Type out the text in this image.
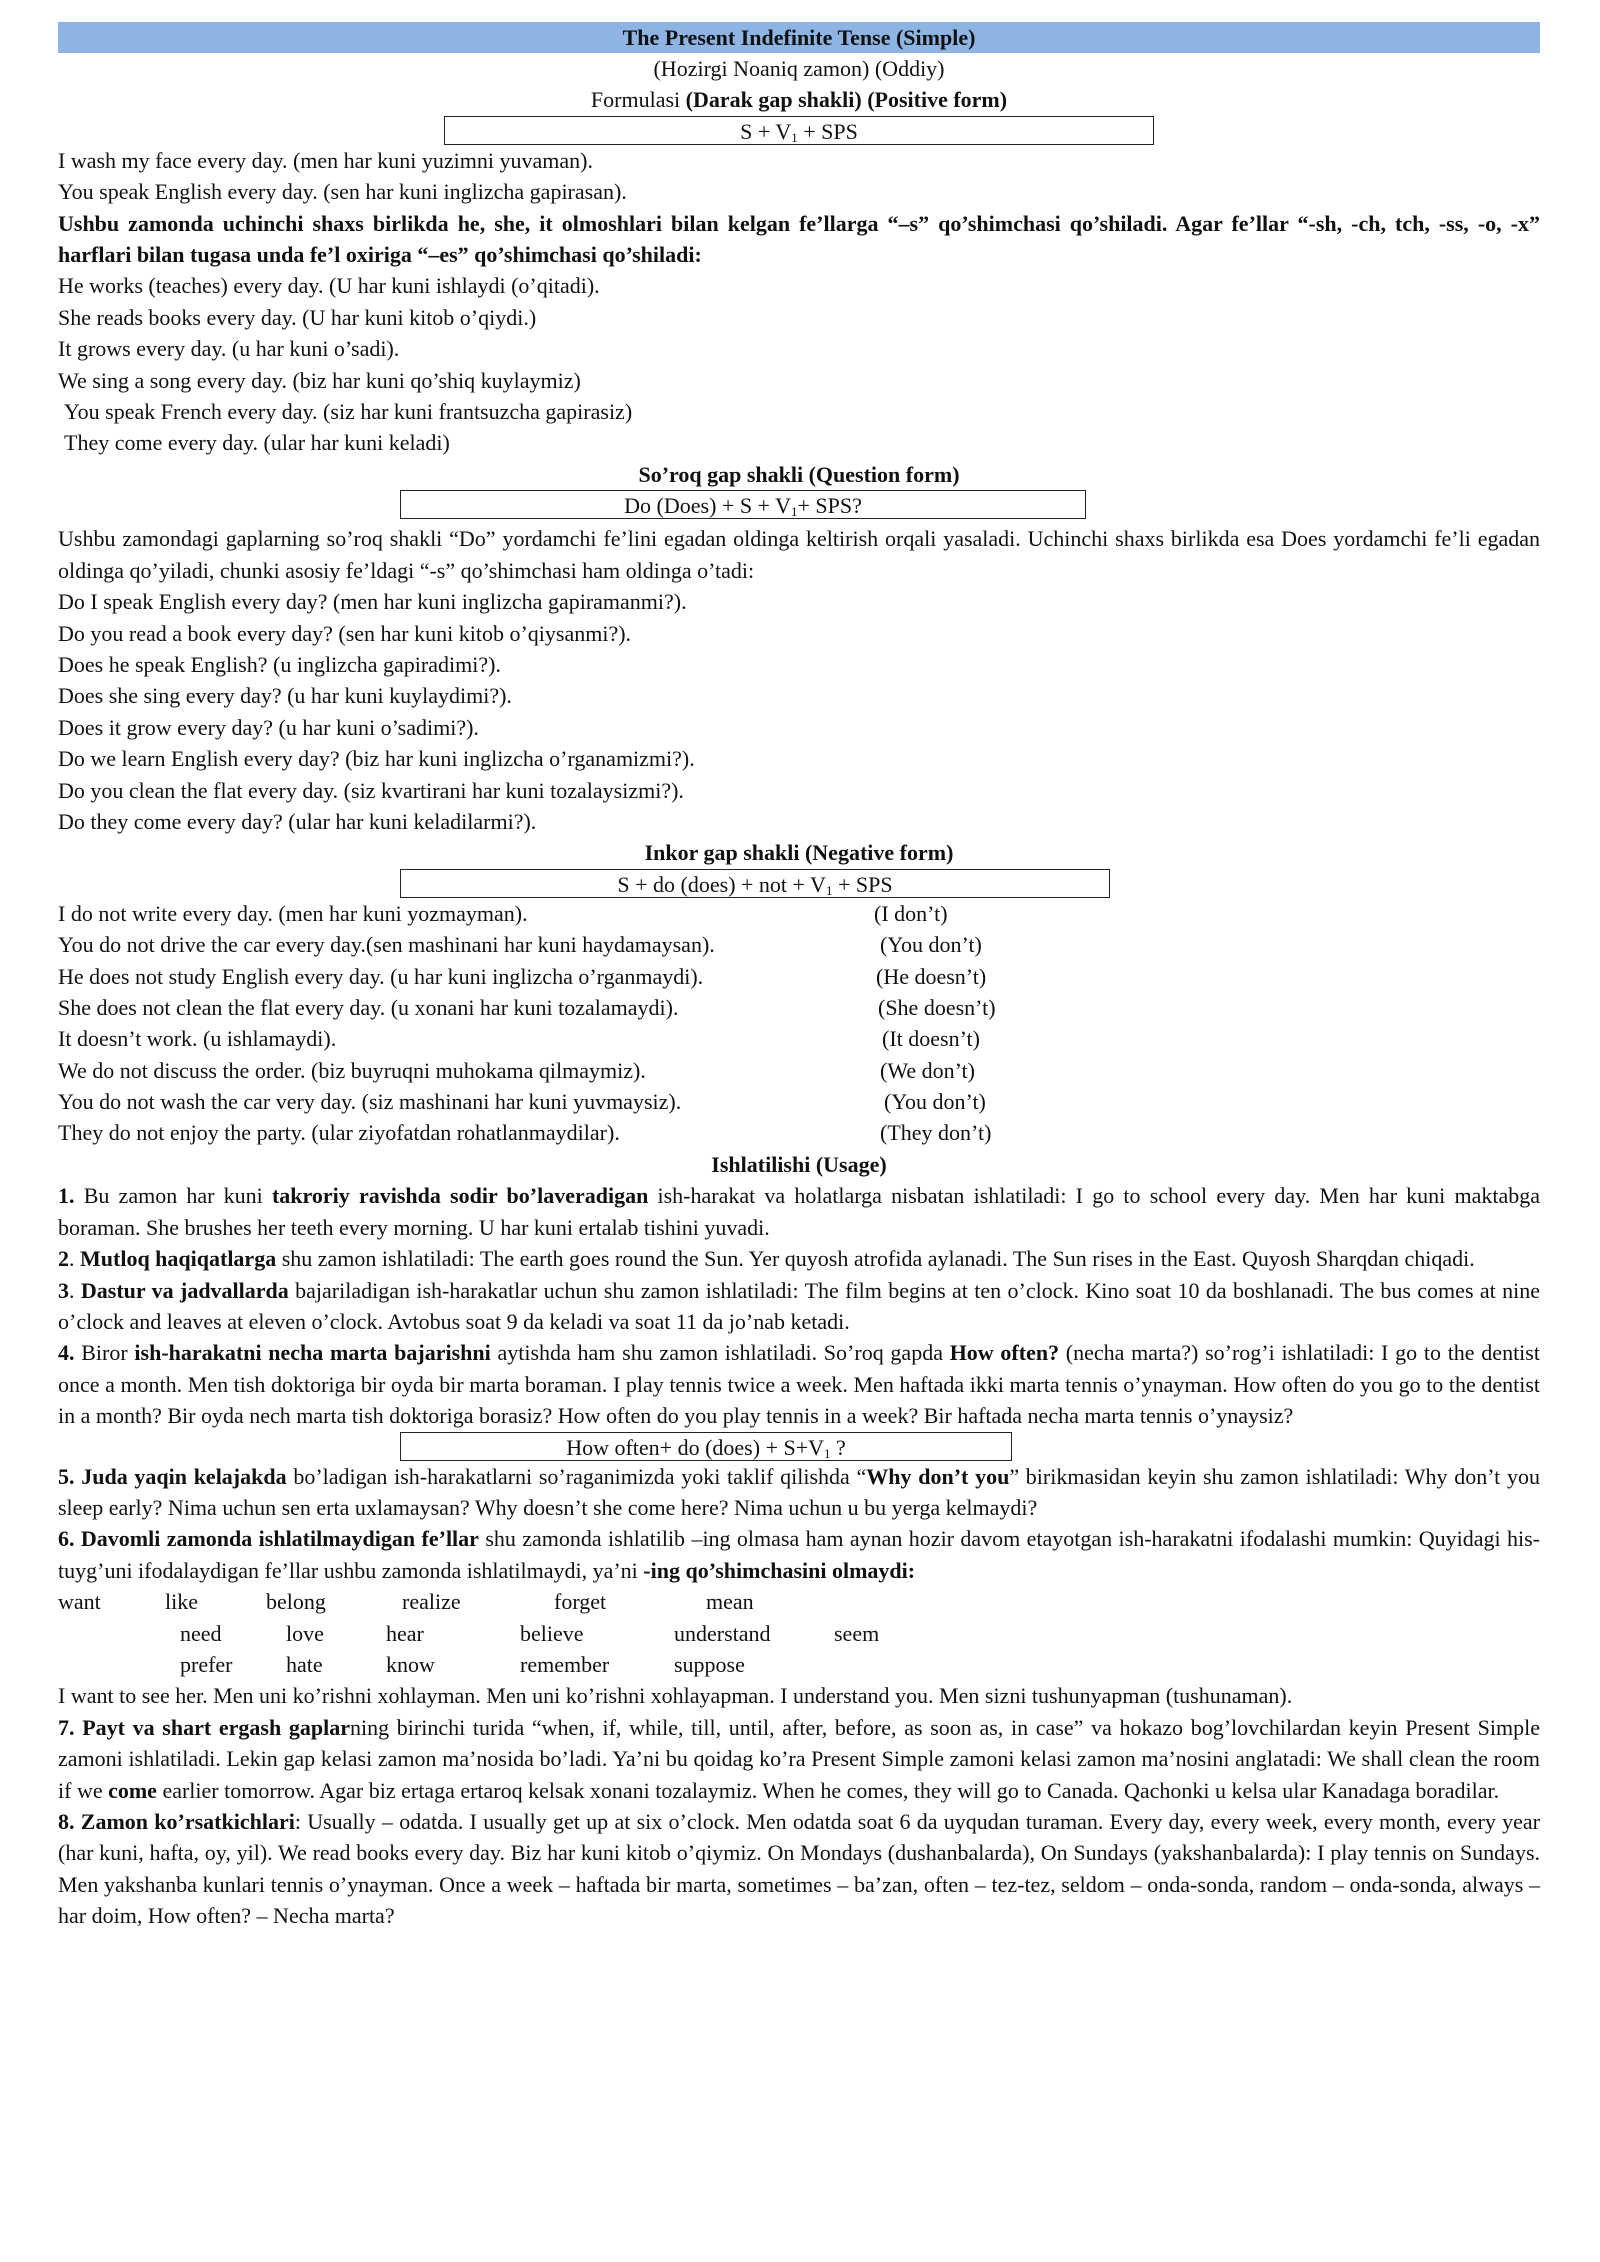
The Present Indefinite Tense (Simple)
(Hozirgi Noaniq zamon) (Oddiy)
Formulasi (Darak gap shakli) (Positive form)
$S + V_1$ + SPS
I wash my face every day. (men har kuni yuzimni yuvaman).
You speak English every day. (sen har kuni inglizcha gapirasan).
Ushbu zamonda uchinchi shaxs birlikda he, she, it olmoshlari bilan kelgan fe’llarga “–s” qo’shimchasi qo’shiladi. Agar fe’llar “-sh, -ch, tch, -ss, -o, -x” harflari bilan tugasa unda fe’l oxiriga “–es” qo’shimchasi qo’shiladi:
He works (teaches) every day. (U har kuni ishlaydi (o’qitadi).
She reads books every day. (U har kuni kitob o’qiydi.)
It grows every day. (u har kuni o’sadi).
We sing a song every day. (biz har kuni qo’shiq kuylaymiz)
You speak French every day. (siz har kuni frantsuzcha gapirasiz)
They come every day. (ular har kuni keladi)
So’roq gap shakli (Question form)
Do (Does) + $S + V_1+$ SPS?
Ushbu zamondagi gaplarning so’roq shakli “Do” yordamchi fe’lini egadan oldinga keltirish orqali yasaladi. Uchinchi shaxs birlikda esa Does yordamchi fe’li egadan oldinga qo’yiladi, chunki asosiy fe’ldagi “-s” qo’shimchasi ham oldinga o’tadi:
Do I speak English every day? (men har kuni inglizcha gapiramanmi?).
Do you read a book every day? (sen har kuni kitob o’qiysanmi?).
Does he speak English? (u inglizcha gapiradimi?).
Does she sing every day? (u har kuni kuylaydimi?).
Does it grow every day? (u har kuni o’sadimi?).
Do we learn English every day? (biz har kuni inglizcha o’rganamizmi?).
Do you clean the flat every day. (siz kvartirani har kuni tozalaysizmi?).
Do they come every day? (ular har kuni keladilarmi?).
Inkor gap shakli (Negative form)
S + do (does) + not + $V_1$ + SPS
I do not write every day. (men har kuni yozmayman).	(I don’t)
You do not drive the car every day.(sen mashinani har kuni haydamaysan).	(You don’t)
He does not study English every day. (u har kuni inglizcha o’rganmaydi).	(He doesn’t)
She does not clean the flat every day. (u xonani har kuni tozalamaydi).	(She doesn’t)
It doesn’t work. (u ishlamaydi).	(It doesn’t)
We do not discuss the order. (biz buyruqni muhokama qilmaymiz).	(We don’t)
You do not wash the car very day. (siz mashinani har kuni yuvmaysiz).	(You don’t)
They do not enjoy the party. (ular ziyofatdan rohatlanmaydilar).	(They don’t)
Ishlatilishi (Usage)
1. Bu zamon har kuni takroriy ravishda sodir bo’laveradigan ish-harakat va holatlarga nisbatan ishlatiladi: I go to school every day. Men har kuni maktabga boraman. She brushes her teeth every morning. U har kuni ertalab tishini yuvadi.
2. Mutloq haqiqatlarga shu zamon ishlatiladi: The earth goes round the Sun. Yer quyosh atrofida aylanadi. The Sun rises in the East. Quyosh Sharqdan chiqadi.
3. Dastur va jadvallarda bajariladigan ish-harakatlar uchun shu zamon ishlatiladi: The film begins at ten o’clock. Kino soat 10 da boshlanadi. The bus comes at nine o’clock and leaves at eleven o’clock. Avtobus soat 9 da keladi va soat 11 da jo’nab ketadi.
4. Biror ish-harakatni necha marta bajarishni aytishda ham shu zamon ishlatiladi. So’roq gapda How often? (necha marta?) so’rog’i ishlatiladi: I go to the dentist once a month. Men tish doktoriga bir oyda bir marta boraman. I play tennis twice a week. Men haftada ikki marta tennis o’ynayman. How often do you go to the dentist in a month? Bir oyda nech marta tish doktoriga borasiz? How often do you play tennis in a week? Bir haftada necha marta tennis o’ynaysiz?
How often+ do (does) + $S+V_1$ ?
5. Juda yaqin kelajakda bo’ladigan ish-harakatlarni so’raganimizda yoki taklif qilishda “Why don’t you” birikmasidan keyin shu zamon ishlatiladi: Why don’t you sleep early? Nima uchun sen erta uxlamaysan? Why doesn’t she come here? Nima uchun u bu yerga kelmaydi?
6. Davomli zamonda ishlatilmaydigan fe’llar shu zamonda ishlatilib –ing olmasa ham aynan hozir davom etayotgan ish-harakatni ifodalashi mumkin: Quyidagi his-tuyg’uni ifodalaydigan fe’llar ushbu zamonda ishlatilmaydi, ya’ni -ing qo’shimchasini olmaydi:
want	like	belong	realize	forget	mean
need	love	hear	believe	understand	seem
prefer hate	know	remember	suppose
I want to see her. Men uni ko’rishni xohlayman. Men uni ko’rishni xohlayapman. I understand you. Men sizni tushunyapman (tushunaman).
7. Payt va shart ergash gaplarning birinchi turida “when, if, while, till, until, after, before, as soon as, in case” va hokazo bog’lovchilardan keyin Present Simple zamoni ishlatiladi. Lekin gap kelasi zamon ma’nosida bo’ladi. Ya’ni bu qoidag ko’ra Present Simple zamoni kelasi zamon ma’nosini anglatadi: We shall clean the room if we come earlier tomorrow. Agar biz ertaga ertaroq kelsak xonani tozalaymiz. When he comes, they will go to Canada. Qachonki u kelsa ular Kanadaga boradilar.
8. Zamon ko’rsatkichlari: Usually – odatda. I usually get up at six o’clock. Men odatda soat 6 da uyqudan turaman. Every day, every week, every month, every year (har kuni, hafta, oy, yil). We read books every day. Biz har kuni kitob o’qiymiz. On Mondays (dushanbalarda), On Sundays (yakshanbalarda): I play tennis on Sundays. Men yakshanba kunlari tennis o’ynayman. Once a week – haftada bir marta, sometimes – ba’zan, often – tez-tez, seldom – onda-sonda, random – onda-sonda, always – har doim, How often? – Necha marta?
